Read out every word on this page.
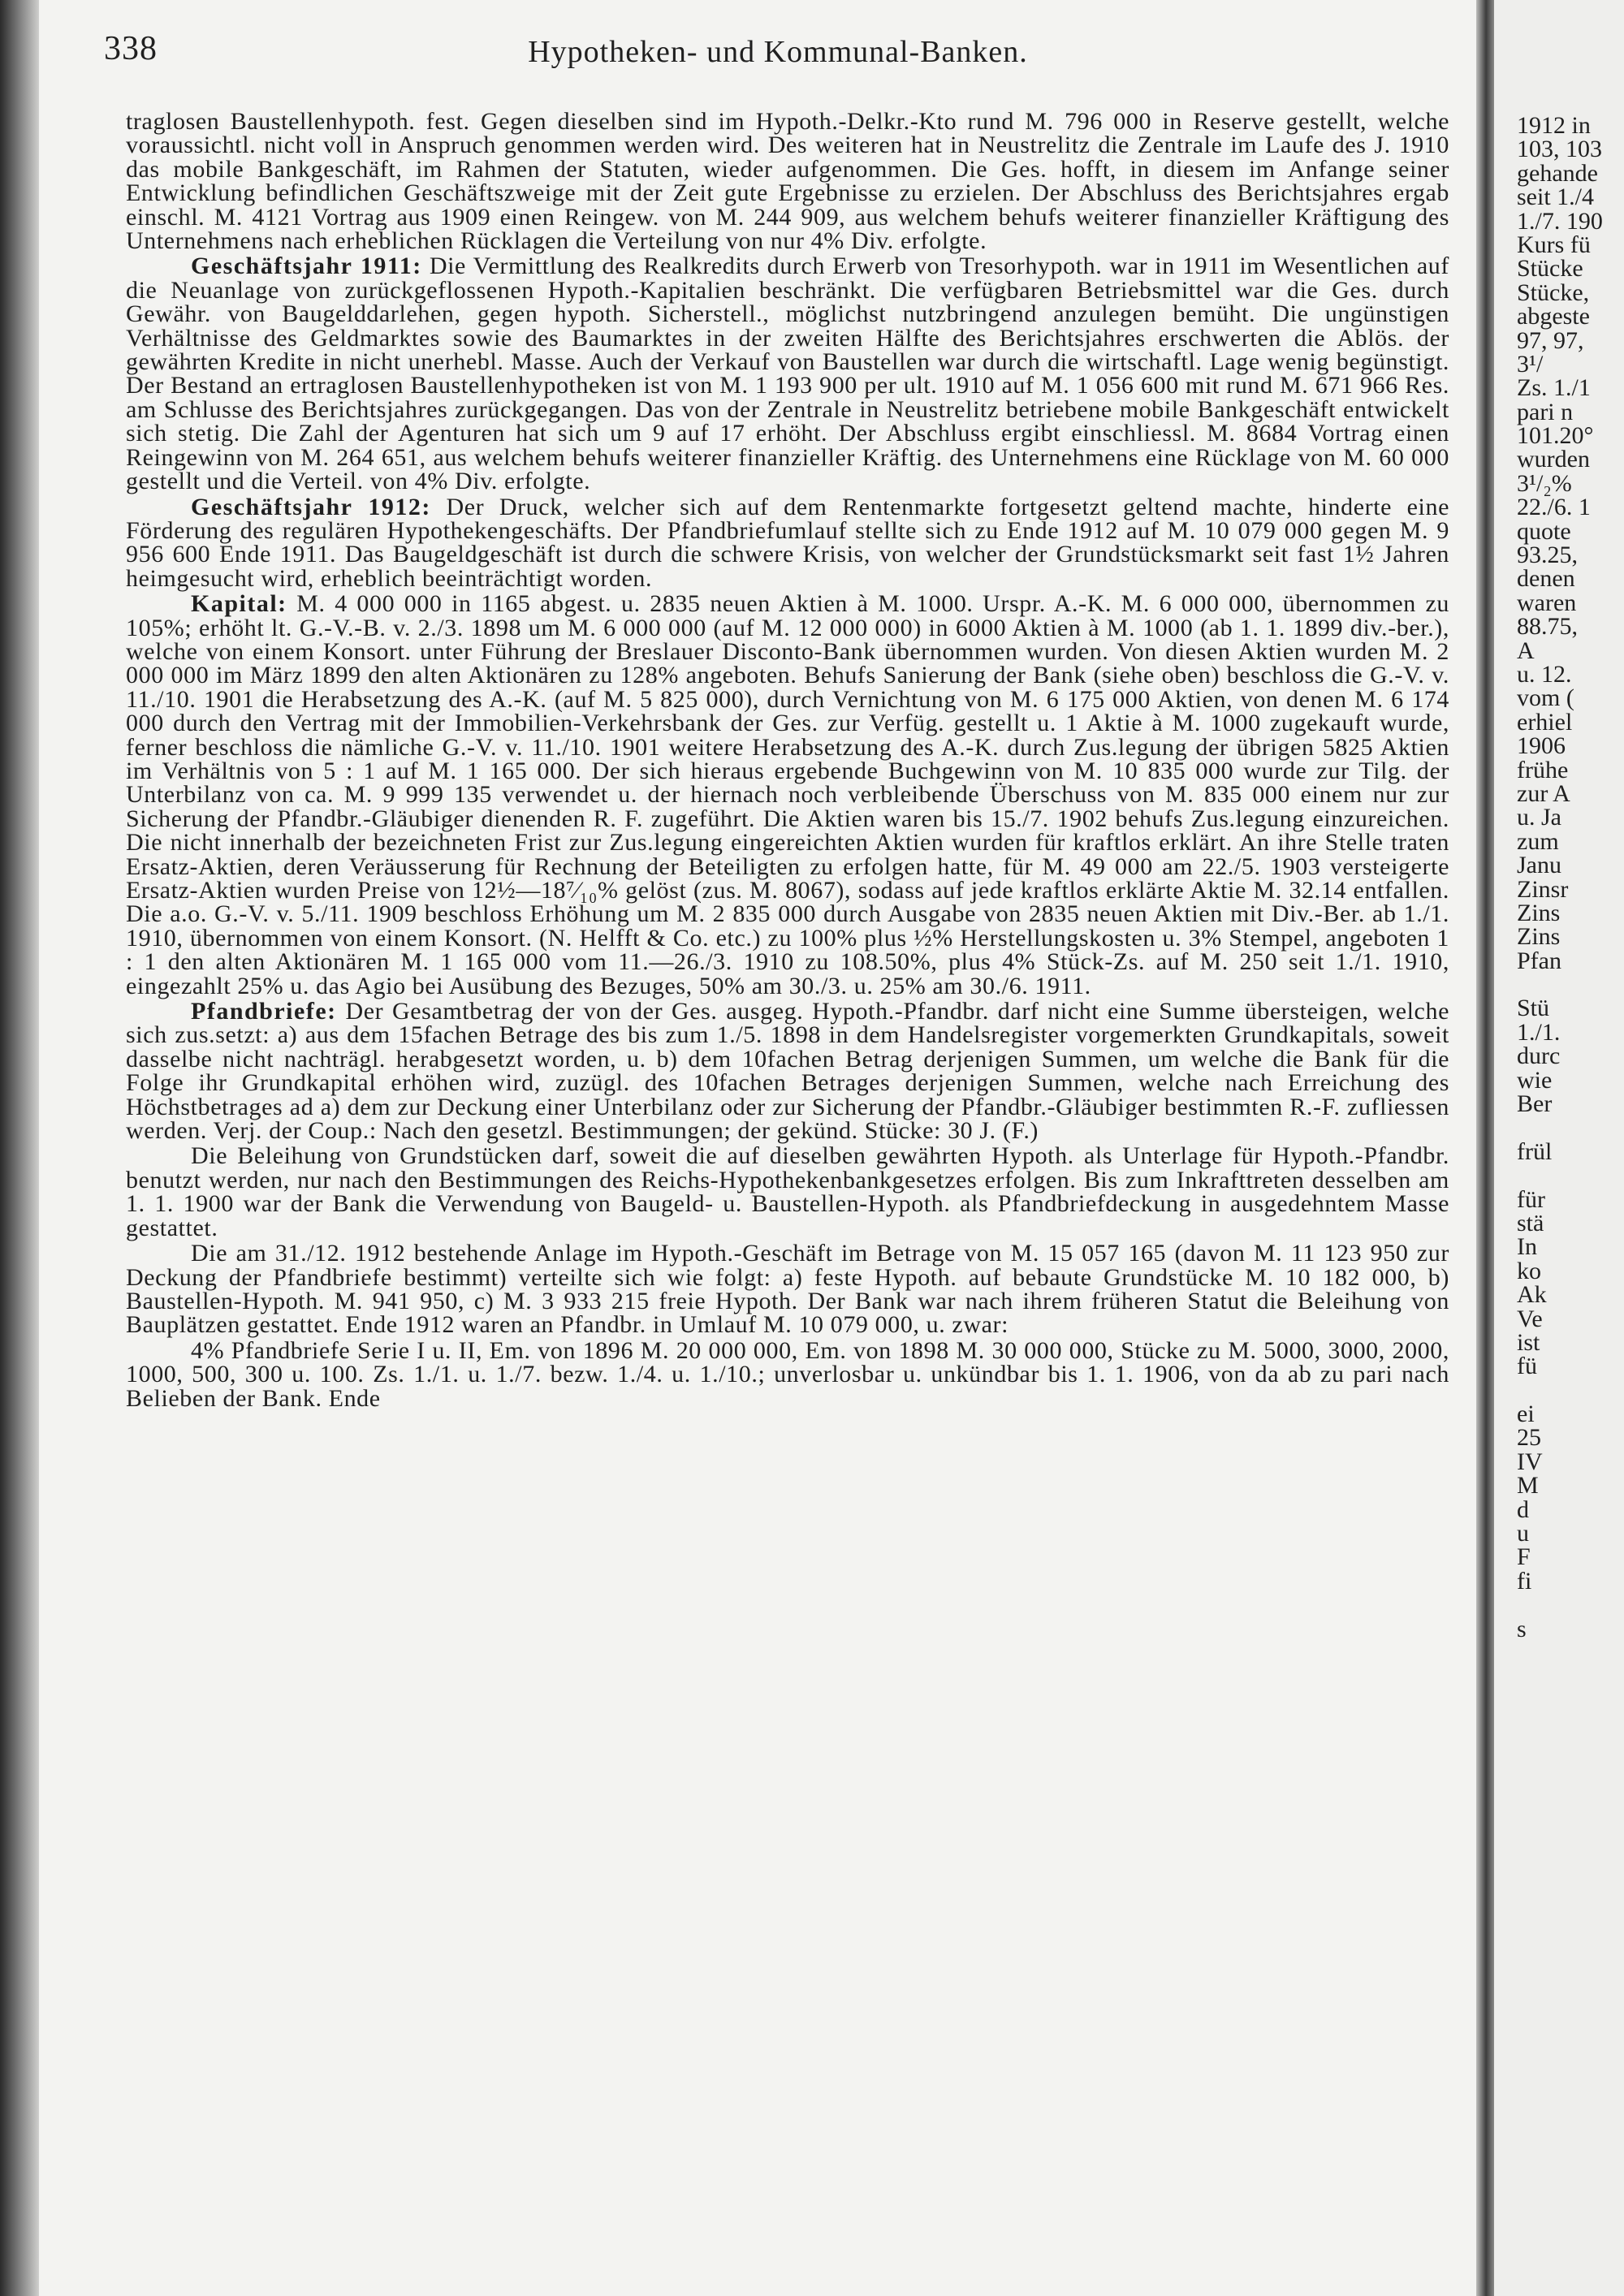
338	Hypotheken- und Kommunal-Banken.

traglosen Baustellenhypoth. fest. Gegen dieselben sind im Hypoth.-Delkr.-Kto rund M. 796 000 in Reserve gestellt, welche voraussichtl. nicht voll in Anspruch genommen werden wird. Des weiteren hat in Neustrelitz die Zentrale im Laufe des J. 1910 das mobile Bankgeschäft, im Rahmen der Statuten, wieder aufgenommen. Die Ges. hofft, in diesem im Anfange seiner Entwicklung befindlichen Geschäftszweige mit der Zeit gute Ergebnisse zu erzielen. Der Abschluss des Berichtsjahres ergab einschl. M. 4121 Vortrag aus 1909 einen Reingew. von M. 244 909, aus welchem behufs weiterer finanzieller Kräftigung des Unternehmens nach erheblichen Rücklagen die Verteilung von nur 4% Div. erfolgte.

Geschäftsjahr 1911: Die Vermittlung des Realkredits durch Erwerb von Tresorhypoth. war in 1911 im Wesentlichen auf die Neuanlage von zurückgeflossenen Hypoth.-Kapitalien beschränkt. Die verfügbaren Betriebsmittel war die Ges. durch Gewähr. von Baugelddarlehen, gegen hypoth. Sicherstell., möglichst nutzbringend anzulegen bemüht. Die ungünstigen Verhältnisse des Geldmarktes sowie des Baumarktes in der zweiten Hälfte des Berichtsjahres erschwerten die Ablös. der gewährten Kredite in nicht unerhebl. Masse. Auch der Verkauf von Baustellen war durch die wirtschaftl. Lage wenig begünstigt. Der Bestand an ertraglosen Baustellenhypotheken ist von M. 1 193 900 per ult. 1910 auf M. 1 056 600 mit rund M. 671 966 Res. am Schlusse des Berichtsjahres zurückgegangen. Das von der Zentrale in Neustrelitz betriebene mobile Bankgeschäft entwickelt sich stetig. Die Zahl der Agenturen hat sich um 9 auf 17 erhöht. Der Abschluss ergibt einschliessl. M. 8684 Vortrag einen Reingewinn von M. 264 651, aus welchem behufs weiterer finanzieller Kräftig. des Unternehmens eine Rücklage von M. 60 000 gestellt und die Verteil. von 4% Div. erfolgte.

Geschäftsjahr 1912: Der Druck, welcher sich auf dem Rentenmarkte fortgesetzt geltend machte, hinderte eine Förderung des regulären Hypothekengeschäfts. Der Pfandbriefumlauf stellte sich zu Ende 1912 auf M. 10 079 000 gegen M. 9 956 600 Ende 1911. Das Baugeldgeschäft ist durch die schwere Krisis, von welcher der Grundstücksmarkt seit fast 1½ Jahren heimgesucht wird, erheblich beeinträchtigt worden.

Kapital: M. 4 000 000 in 1165 abgest. u. 2835 neuen Aktien à M. 1000. Urspr. A.-K. M. 6 000 000, übernommen zu 105%; erhöht lt. G.-V.-B. v. 2./3. 1898 um M. 6 000 000 (auf M. 12 000 000) in 6000 Aktien à M. 1000 (ab 1. 1. 1899 div.-ber.), welche von einem Konsort. unter Führung der Breslauer Disconto-Bank übernommen wurden. Von diesen Aktien wurden M. 2 000 000 im März 1899 den alten Aktionären zu 128% angeboten. Behufs Sanierung der Bank (siehe oben) beschloss die G.-V. v. 11./10. 1901 die Herabsetzung des A.-K. (auf M. 5 825 000), durch Vernichtung von M. 6 175 000 Aktien, von denen M. 6 174 000 durch den Vertrag mit der Immobilien-Verkehrsbank der Ges. zur Verfüg. gestellt u. 1 Aktie à M. 1000 zugekauft wurde, ferner beschloss die nämliche G.-V. v. 11./10. 1901 weitere Herabsetzung des A.-K. durch Zus.legung der übrigen 5825 Aktien im Verhältnis von 5 : 1 auf M. 1 165 000. Der sich hieraus ergebende Buchgewinn von M. 10 835 000 wurde zur Tilg. der Unterbilanz von ca. M. 9 999 135 verwendet u. der hiernach noch verbleibende Überschuss von M. 835 000 einem nur zur Sicherung der Pfandbr.-Gläubiger dienenden R. F. zugeführt. Die Aktien waren bis 15./7. 1902 behufs Zus.legung einzureichen. Die nicht innerhalb der bezeichneten Frist zur Zus.legung eingereichten Aktien wurden für kraftlos erklärt. An ihre Stelle traten Ersatz-Aktien, deren Veräusserung für Rechnung der Beteiligten zu erfolgen hatte, für M. 49 000 am 22./5. 1903 versteigerte Ersatz-Aktien wurden Preise von 12½—18⁷⁄₁₀% gelöst (zus. M. 8067), sodass auf jede kraftlos erklärte Aktie M. 32.14 entfallen. Die a.o. G.-V. v. 5./11. 1909 beschloss Erhöhung um M. 2 835 000 durch Ausgabe von 2835 neuen Aktien mit Div.-Ber. ab 1./1. 1910, übernommen von einem Konsort. (N. Helfft & Co. etc.) zu 100% plus ½% Herstellungskosten u. 3% Stempel, angeboten 1 : 1 den alten Aktionären M. 1 165 000 vom 11.—26./3. 1910 zu 108.50%, plus 4% Stück-Zs. auf M. 250 seit 1./1. 1910, eingezahlt 25% u. das Agio bei Ausübung des Bezuges, 50% am 30./3. u. 25% am 30./6. 1911.

Pfandbriefe: Der Gesamtbetrag der von der Ges. ausgeg. Hypoth.-Pfandbr. darf nicht eine Summe übersteigen, welche sich zus.setzt: a) aus dem 15fachen Betrage des bis zum 1./5. 1898 in dem Handelsregister vorgemerkten Grundkapitals, soweit dasselbe nicht nachträgl. herabgesetzt worden, u. b) dem 10fachen Betrag derjenigen Summen, um welche die Bank für die Folge ihr Grundkapital erhöhen wird, zuzügl. des 10fachen Betrages derjenigen Summen, welche nach Erreichung des Höchstbetrages ad a) dem zur Deckung einer Unterbilanz oder zur Sicherung der Pfandbr.-Gläubiger bestimmten R.-F. zufliessen werden. Verj. der Coup.: Nach den gesetzl. Bestimmungen; der gekünd. Stücke: 30 J. (F.)

Die Beleihung von Grundstücken darf, soweit die auf dieselben gewährten Hypoth. als Unterlage für Hypoth.-Pfandbr. benutzt werden, nur nach den Bestimmungen des Reichs-Hypothekenbankgesetzes erfolgen. Bis zum Inkrafttreten desselben am 1. 1. 1900 war der Bank die Verwendung von Baugeld- u. Baustellen-Hypoth. als Pfandbriefdeckung in ausgedehntem Masse gestattet.

Die am 31./12. 1912 bestehende Anlage im Hypoth.-Geschäft im Betrage von M. 15 057 165 (davon M. 11 123 950 zur Deckung der Pfandbriefe bestimmt) verteilte sich wie folgt: a) feste Hypoth. auf bebaute Grundstücke M. 10 182 000, b) Baustellen-Hypoth. M. 941 950, c) M. 3 933 215 freie Hypoth. Der Bank war nach ihrem früheren Statut die Beleihung von Bauplätzen gestattet. Ende 1912 waren an Pfandbr. in Umlauf M. 10 079 000, u. zwar:

4% Pfandbriefe Serie I u. II, Em. von 1896 M. 20 000 000, Em. von 1898 M. 30 000 000, Stücke zu M. 5000, 3000, 2000, 1000, 500, 300 u. 100. Zs. 1./1. u. 1./7. bezw. 1./4. u. 1./10.; unverlosbar u. unkündbar bis 1. 1. 1906, von da ab zu pari nach Belieben der Bank. Ende

1912 in
103, 103
gehande
seit 1./4
1./7. 190
Kurs fü
Stücke
Stücke,
abgeste
97, 97,
3¹/
Zs. 1./1
pari n
101.20°
wurden
3¹/₂%
22./6. 1
quote
93.25,
denen
waren
88.75,
A
u. 12.
vom (
erhiel
1906
frühe
zur A
u. Ja
zum
Janu
Zinsr
Zins
Zins
Pfan
Stü
1./1.
durc
wie
Ber
frül
für
stä
In
ko
Ak
Ve
ist
fü
ei
25
IV
M
d
u
F
fi
s
